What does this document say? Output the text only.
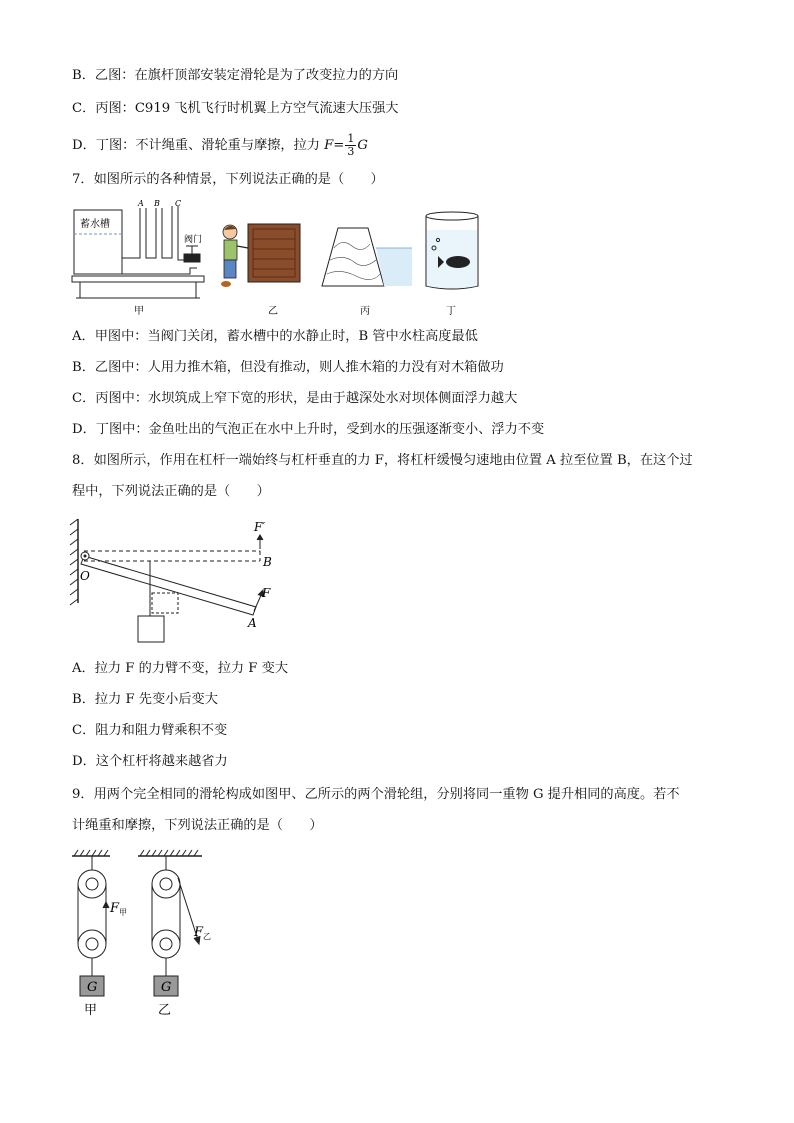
B．乙图：在旗杆顶部安装定滑轮是为了改变拉力的方向
C．丙图：C919 飞机飞行时机翼上方空气流速大压强大
D．丁图：不计绳重、滑轮重与摩擦，拉力 $F= \frac{1}{3}$ G
7．如图所示的各种情景，下列说法正确的是（　　）
蓄水槽
A B C
阀门
甲	乙	丙	丁
A．甲图中：当阀门关闭，蓄水槽中的水静止时，B 管中水柱高度最低
B．乙图中：人用力推木箱，但没有推动，则人推木箱的力没有对木箱做功
C．丙图中：水坝筑成上窄下宽的形状，是由于越深处水对坝体侧面浮力越大
D．丁图中：金鱼吐出的气泡正在水中上升时，受到水的压强逐渐变小、浮力不变
8．如图所示，作用在杠杆一端始终与杠杆垂直的力 F，将杠杆缓慢匀速地由位置 A 拉至位置 B，在这个过
程中，下列说法正确的是（　　）
F′
B
O
F
A
A．拉力 F 的力臂不变，拉力 F 变大
B．拉力 F 先变小后变大
C．阻力和阻力臂乘积不变
D．这个杠杆将越来越省力
9．用两个完全相同的滑轮构成如图甲、乙所示的两个滑轮组，分别将同一重物 G 提升相同的高度。若不
计绳重和摩擦，下列说法正确的是（　　）
F 甲
F 乙
G	G
甲	乙
